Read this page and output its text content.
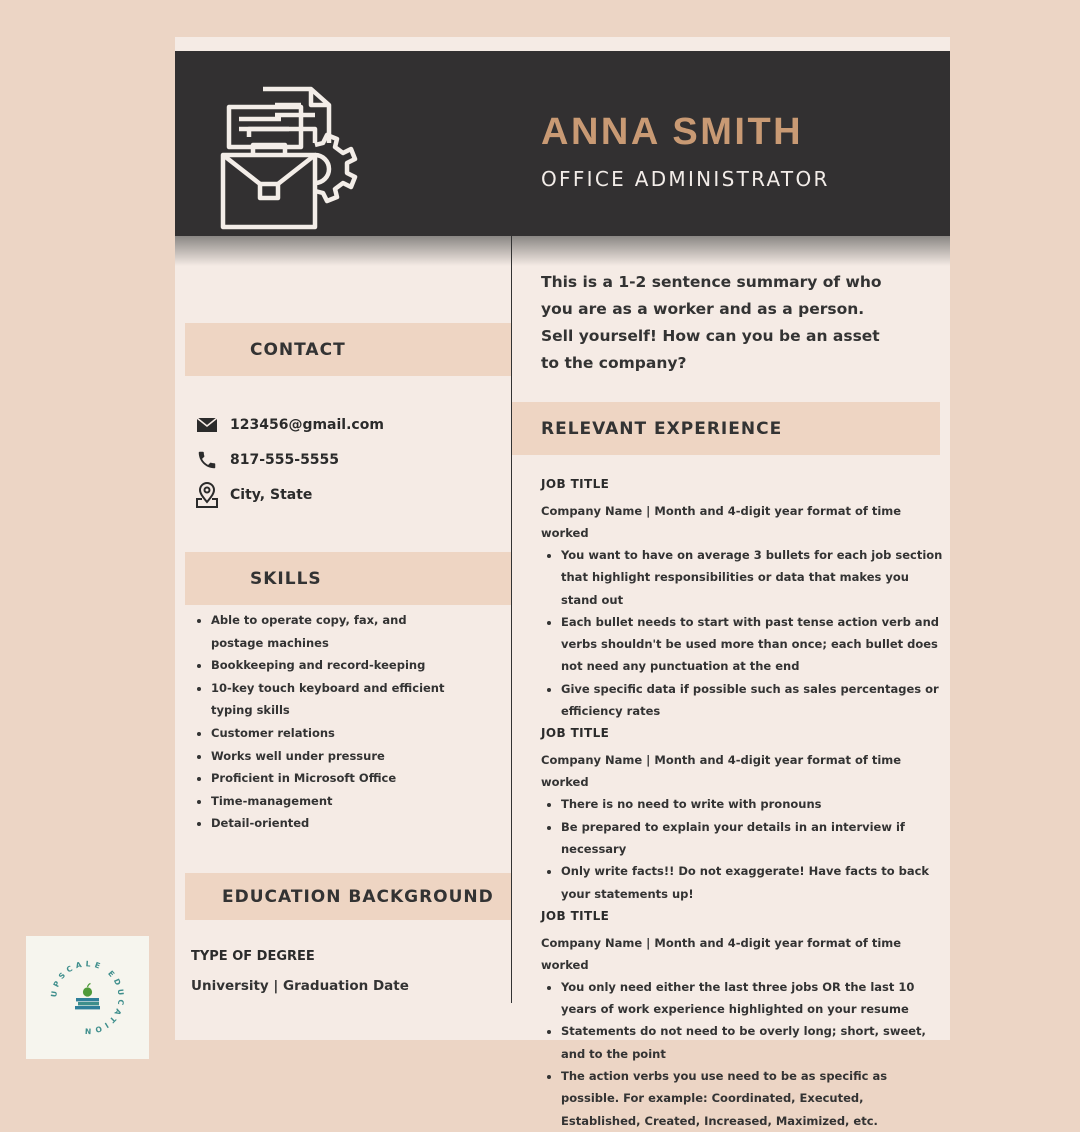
ANNA SMITH
OFFICE ADMINISTRATOR
CONTACT
123456@gmail.com
817-555-5555
City, State
SKILLS
• Able to operate copy, fax, and postage machines
• Bookkeeping and record-keeping
• 10-key touch keyboard and efficient typing skills
• Customer relations
• Works well under pressure
• Proficient in Microsoft Office
• Time-management
• Detail-oriented
EDUCATION BACKGROUND
TYPE OF DEGREE
University | Graduation Date
This is a 1-2 sentence summary of who you are as a worker and as a person. Sell yourself! How can you be an asset to the company?
RELEVANT EXPERIENCE
JOB TITLE
Company Name | Month and 4-digit year format of time worked
• You want to have on average 3 bullets for each job section that highlight responsibilities or data that makes you stand out
• Each bullet needs to start with past tense action verb and verbs shouldn't be used more than once; each bullet does not need any punctuation at the end
• Give specific data if possible such as sales percentages or efficiency rates
JOB TITLE
Company Name | Month and 4-digit year format of time worked
• There is no need to write with pronouns
• Be prepared to explain your details in an interview if necessary
• Only write facts!! Do not exaggerate! Have facts to back your statements up!
JOB TITLE
Company Name | Month and 4-digit year format of time worked
• You only need either the last three jobs OR the last 10 years of work experience highlighted on your resume
• Statements do not need to be overly long; short, sweet, and to the point
• The action verbs you use need to be as specific as possible. For example: Coordinated, Executed, Established, Created, Increased, Maximized, etc.
UPSCALE EDUCATION
